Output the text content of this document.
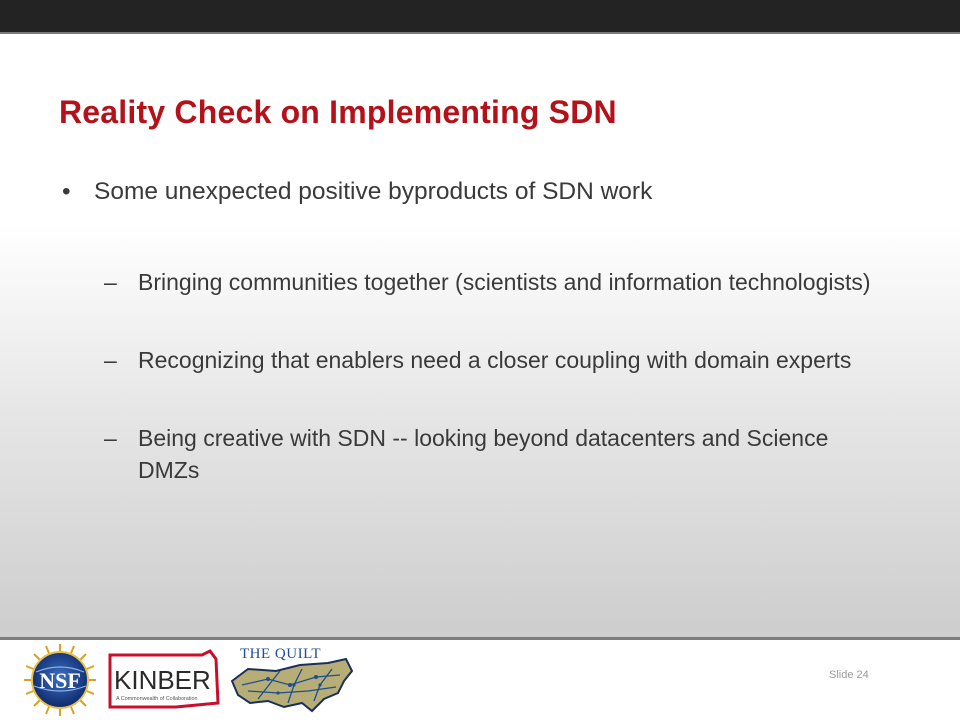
Reality Check on Implementing SDN
• Some unexpected positive byproducts of SDN work
– Bringing communities together (scientists and information technologists)
– Recognizing that enablers need a closer coupling with domain experts
– Being creative with SDN -- looking beyond datacenters and Science DMZs
NSF KINBER
A Commonwealth of Collaboration
THE QUILT
Slide 24
